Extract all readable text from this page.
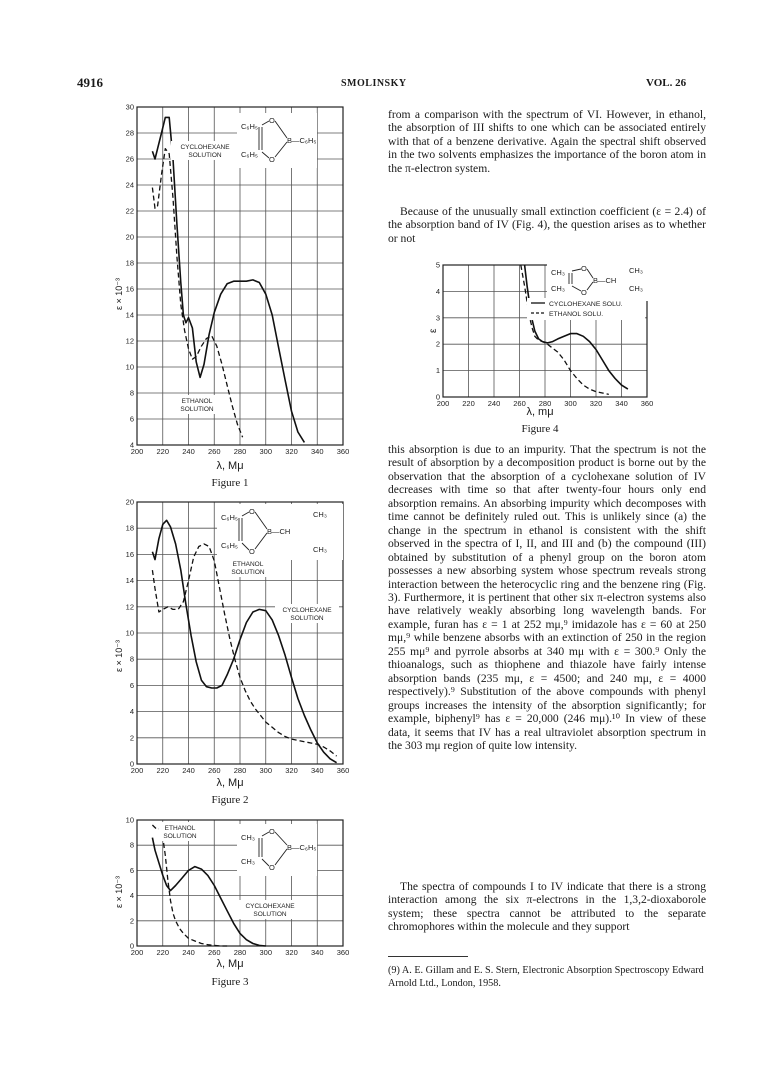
4916	SMOLINSKY	VOL. 26
200 220 240 260 280 300 320 340 360
4
6
8
10
12
14
16
18
20
22
24
26
28
30
C₆H₅
C₆H₅
O
O
B—C₆H₅
CYCLOHEXANE
SOLUTION
ETHANOL
SOLUTION
ε × 10⁻³
λ, Mμ
Figure 1
200 220 240 260 280 300 320 340 360
0
2
4
6
8
10
12
14
16
18
20
C₆H₅
C₆H₅
O
O
B—CH
CH₃
CH₃
ETHANOL
SOLUTION
CYCLOHEXANE
SOLUTION
ε × 10⁻³
λ, Mμ
Figure 2
200 220 240 260 280 300 320 340 360
0
2
4
6
8
10
CH₃
CH₃
O
O
B—C₆H₅
ETHANOL
SOLUTION
CYCLOHEXANE
SOLUTION
ε × 10⁻³
λ, Mμ
Figure 3

from a comparison with the spectrum of VI. However, in ethanol, the absorption of III shifts to one which can be associated entirely with that of a benzene derivative. Again the spectral shift observed in the two solvents emphasizes the importance of the boron atom in the π-electron system.

Because of the unusually small extinction coefficient (ε = 2.4) of the absorption band of IV (Fig. 4), the question arises as to whether or not

200 220 240 260 280 300 320 340 360
0
1
2
3
4
5
CH₃
CH₃
O
O
B—CH
CH₃
CH₃
CYCLOHEXANE SOLU.
ETHANOL SOLU.
ε
λ, mμ
Figure 4

this absorption is due to an impurity. That the spectrum is not the result of absorption by a decomposition product is borne out by the observation that the absorption of a cyclohexane solution of IV decreases with time so that after twenty-four hours only end absorption remains. An absorbing impurity which decomposes with time cannot be definitely ruled out. This is unlikely since (a) the change in the spectrum in ethanol is consistent with the shift observed in the spectra of I, II, and III and (b) the compound (III) obtained by substitution of a phenyl group on the boron atom possesses a new absorbing system whose spectrum reveals strong interaction between the heterocyclic ring and the benzene ring (Fig. 3). Furthermore, it is pertinent that other six π-electron systems also have relatively weakly absorbing long wavelength bands. For example, furan has ε = 1 at 252 mμ,⁹ imidazole has ε = 60 at 250 mμ,⁹ while benzene absorbs with an extinction of 250 in the region 255 mμ⁹ and pyrrole absorbs at 340 mμ with ε = 300.⁹ Only the thioanalogs, such as thiophene and thiazole have fairly intense absorption bands (235 mμ, ε = 4500; and 240 mμ, ε = 4000 respectively).⁹ Substitution of the above compounds with phenyl groups increases the intensity of the absorption significantly; for example, biphenyl⁹ has ε = 20,000 (246 mμ).¹⁰ In view of these data, it seems that IV has a real ultraviolet absorption spectrum in the 303 mμ region of quite low intensity.

The spectra of compounds I to IV indicate that there is a strong interaction among the six π-electrons in the 1,3,2-dioxaborole system; these spectra cannot be attributed to the separate chromophores within the molecule and they support

(9) A. E. Gillam and E. S. Stern, Electronic Absorption Spectroscopy Edward Arnold Ltd., London, 1958.
